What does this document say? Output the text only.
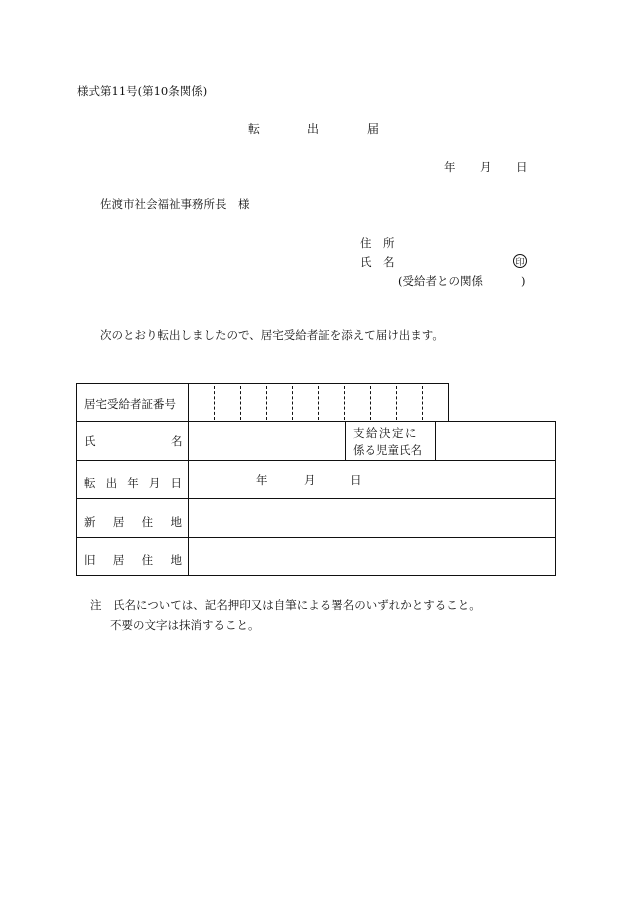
様式第11号(第10条関係)
転	出	届
年 月 日
佐渡市社会福祉事務所長　様
住　所
氏　名	印
(受給者との関係	)
次のとおり転出しましたので、居宅受給者証を添えて届け出ます。
居宅受給者証番号
氏	名
支給決定に
係る児童氏名
転 出 年 月 日	年	月	日
新 居 住 地
旧 居 住 地
注　氏名については、記名押印又は自筆による署名のいずれかとすること。
不要の文字は抹消すること。
